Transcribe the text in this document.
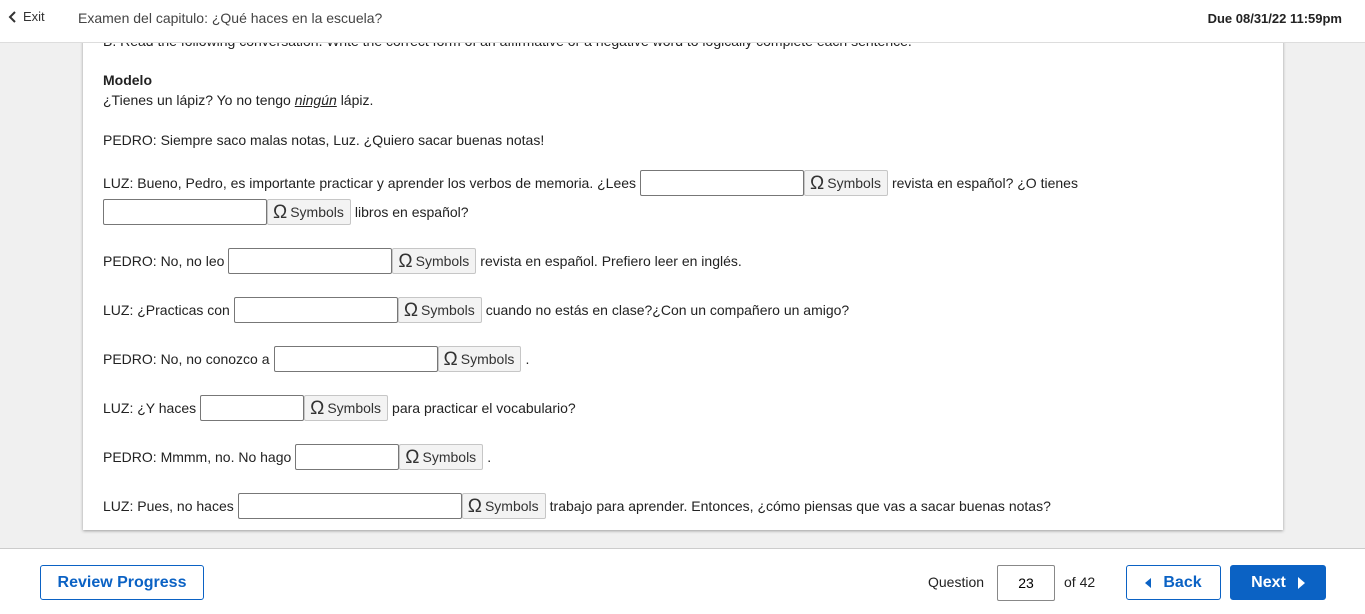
Exit Examen del capitulo: ¿Qué haces en la escuela?	Due 08/31/22 11:59pm
Modelo
¿Tienes un lápiz? Yo no tengo ningún lápiz.
PEDRO: Siempre saco malas notas, Luz. ¿Quiero sacar buenas notas!
LUZ: Bueno, Pedro, es importante practicar y aprender los verbos de memoria. ¿Lees	Ω Symbols revista en español? ¿O tienes
Ω Symbols libros en español?
PEDRO: No, no leo	Ω Symbols revista en español. Prefiero leer en inglés.
LUZ: ¿Practicas con	Ω Symbols cuando no estás en clase?¿Con un compañero un amigo?
PEDRO: No, no conozco a	Ω Symbols .
LUZ: ¿Y haces	Ω Symbols para practicar el vocabulario?
PEDRO: Mmmm, no. No hago	Ω Symbols .
LUZ: Pues, no haces	Ω Symbols trabajo para aprender. Entonces, ¿cómo piensas que vas a sacar buenas notas?
Review Progress	Question
23	of 42	Back	Next
